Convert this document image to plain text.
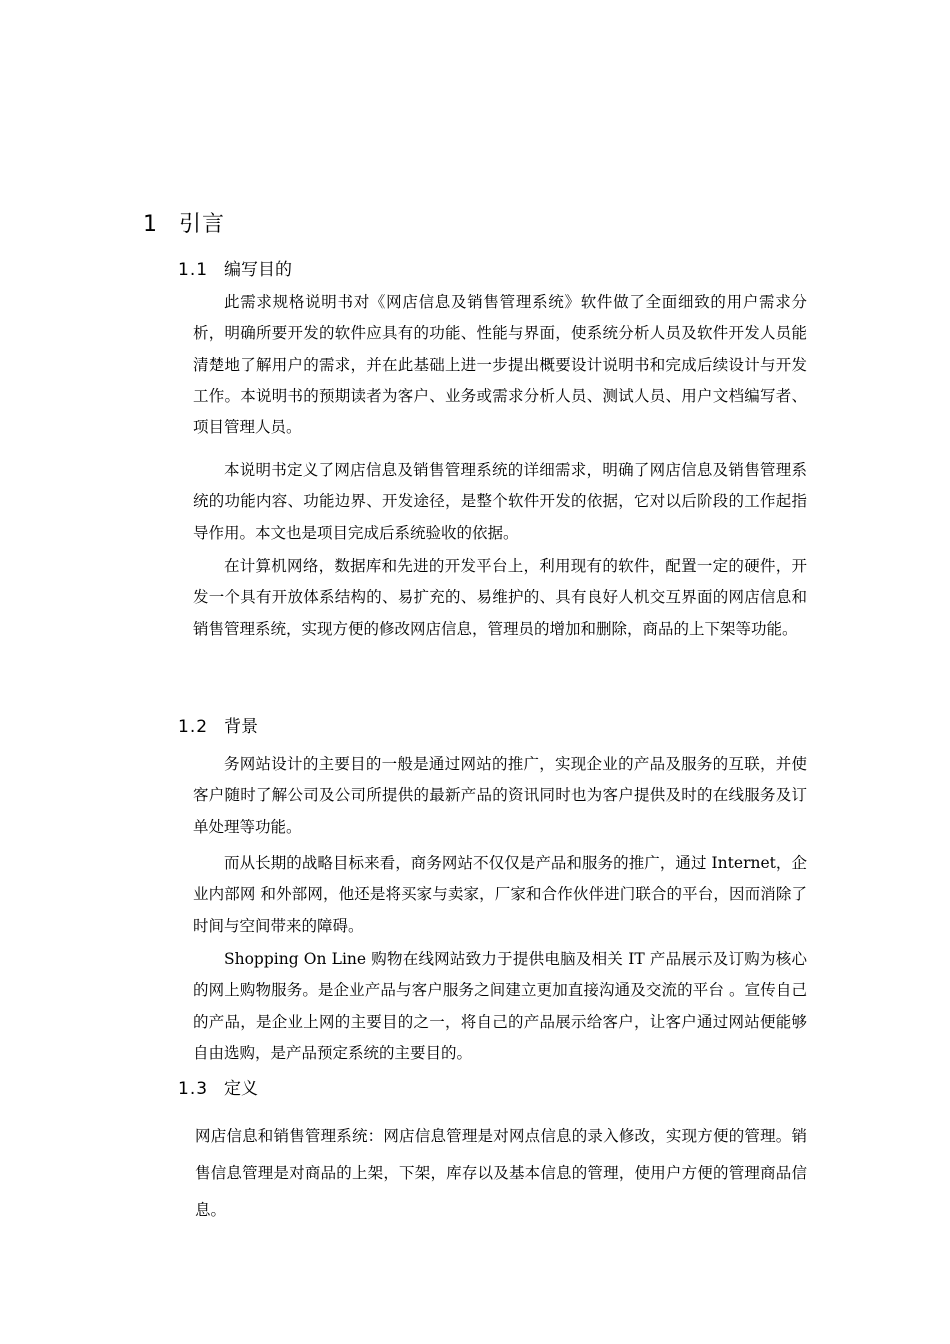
1 引言
1.1 编写目的

此需求规格说明书对《网店信息及销售管理系统》软件做了全面细致的用户需求分析，明确所要开发的软件应具有的功能、性能与界面，使系统分析人员及软件开发人员能清楚地了解用户的需求，并在此基础上进一步提出概要设计说明书和完成后续设计与开发工作。本说明书的预期读者为客户、业务或需求分析人员、测试人员、用户文档编写者、项目管理人员。

本说明书定义了网店信息及销售管理系统的详细需求，明确了网店信息及销售管理系统的功能内容、功能边界、开发途径，是整个软件开发的依据，它对以后阶段的工作起指导作用。本文也是项目完成后系统验收的依据。

在计算机网络，数据库和先进的开发平台上，利用现有的软件，配置一定的硬件，开发一个具有开放体系结构的、易扩充的、易维护的、具有良好人机交互界面的网店信息和销售管理系统，实现方便的修改网店信息，管理员的增加和删除，商品的上下架等功能。

1.2 背景

务网站设计的主要目的一般是通过网站的推广，实现企业的产品及服务的互联，并使客户随时了解公司及公司所提供的最新产品的资讯同时也为客户提供及时的在线服务及订单处理等功能。

而从长期的战略目标来看，商务网站不仅仅是产品和服务的推广，通过 Internet，企业内部网 和外部网，他还是将买家与卖家，厂家和合作伙伴进门联合的平台，因而消除了时间与空间带来的障碍。

Shopping On Line 购物在线网站致力于提供电脑及相关 IT 产品展示及订购为核心的网上购物服务。是企业产品与客户服务之间建立更加直接沟通及交流的平台 。宣传自己的产品，是企业上网的主要目的之一，将自己的产品展示给客户，让客户通过网站便能够自由选购，是产品预定系统的主要目的。

1.3 定义

网店信息和销售管理系统：网店信息管理是对网点信息的录入修改，实现方便的管理。销售信息管理是对商品的上架，下架，库存以及基本信息的管理，使用户方便的管理商品信息。
